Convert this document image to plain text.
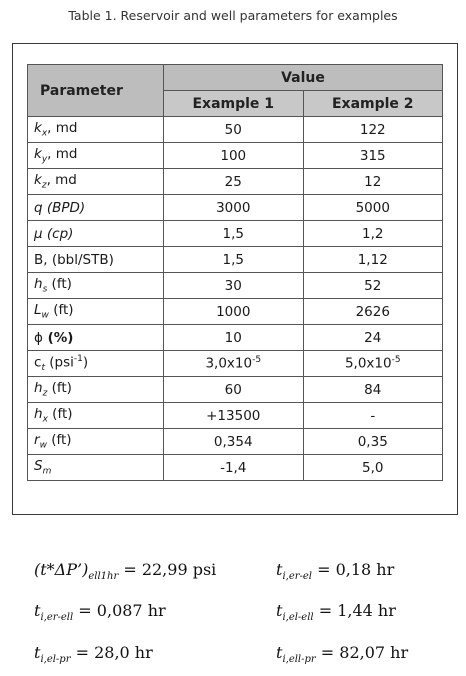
Table 1. Reservoir and well parameters for examples
Parameter	Value	
	Example 1	Example 2
$k_x$, md	50	122
$k_y$, md	100	315
$k_z$, md	25	12
q (BPD)	3000	5000
μ (cp)	1,5	1,2
B, (bbl/STB)	1,5	1,12
$h_s$ (ft)	30	52
$L_w$ (ft)	1000	2626
ϕ (%)	10	24
$c_t$ (psi$^{-1}$)	$3,0x10^{-5}$	$5,0x10^{-5}$
$h_z$ (ft)	60	84
$h_x$ (ft)	+13500	-
$r_w$ (ft)	0,354	0,35
$S_m$	-1,4	5,0
$(t*\Delta P’)_{ell1hr} = 22,99$ psi	$t_{i,er-el} = 0,18$ hr
$t_{i,er-ell} = 0,087$ hr	$t_{i,el-ell} = 1,44$ hr
$t_{i,el-pr} = 28,0$ hr	$t_{i,ell-pr} = 82,07$ hr
